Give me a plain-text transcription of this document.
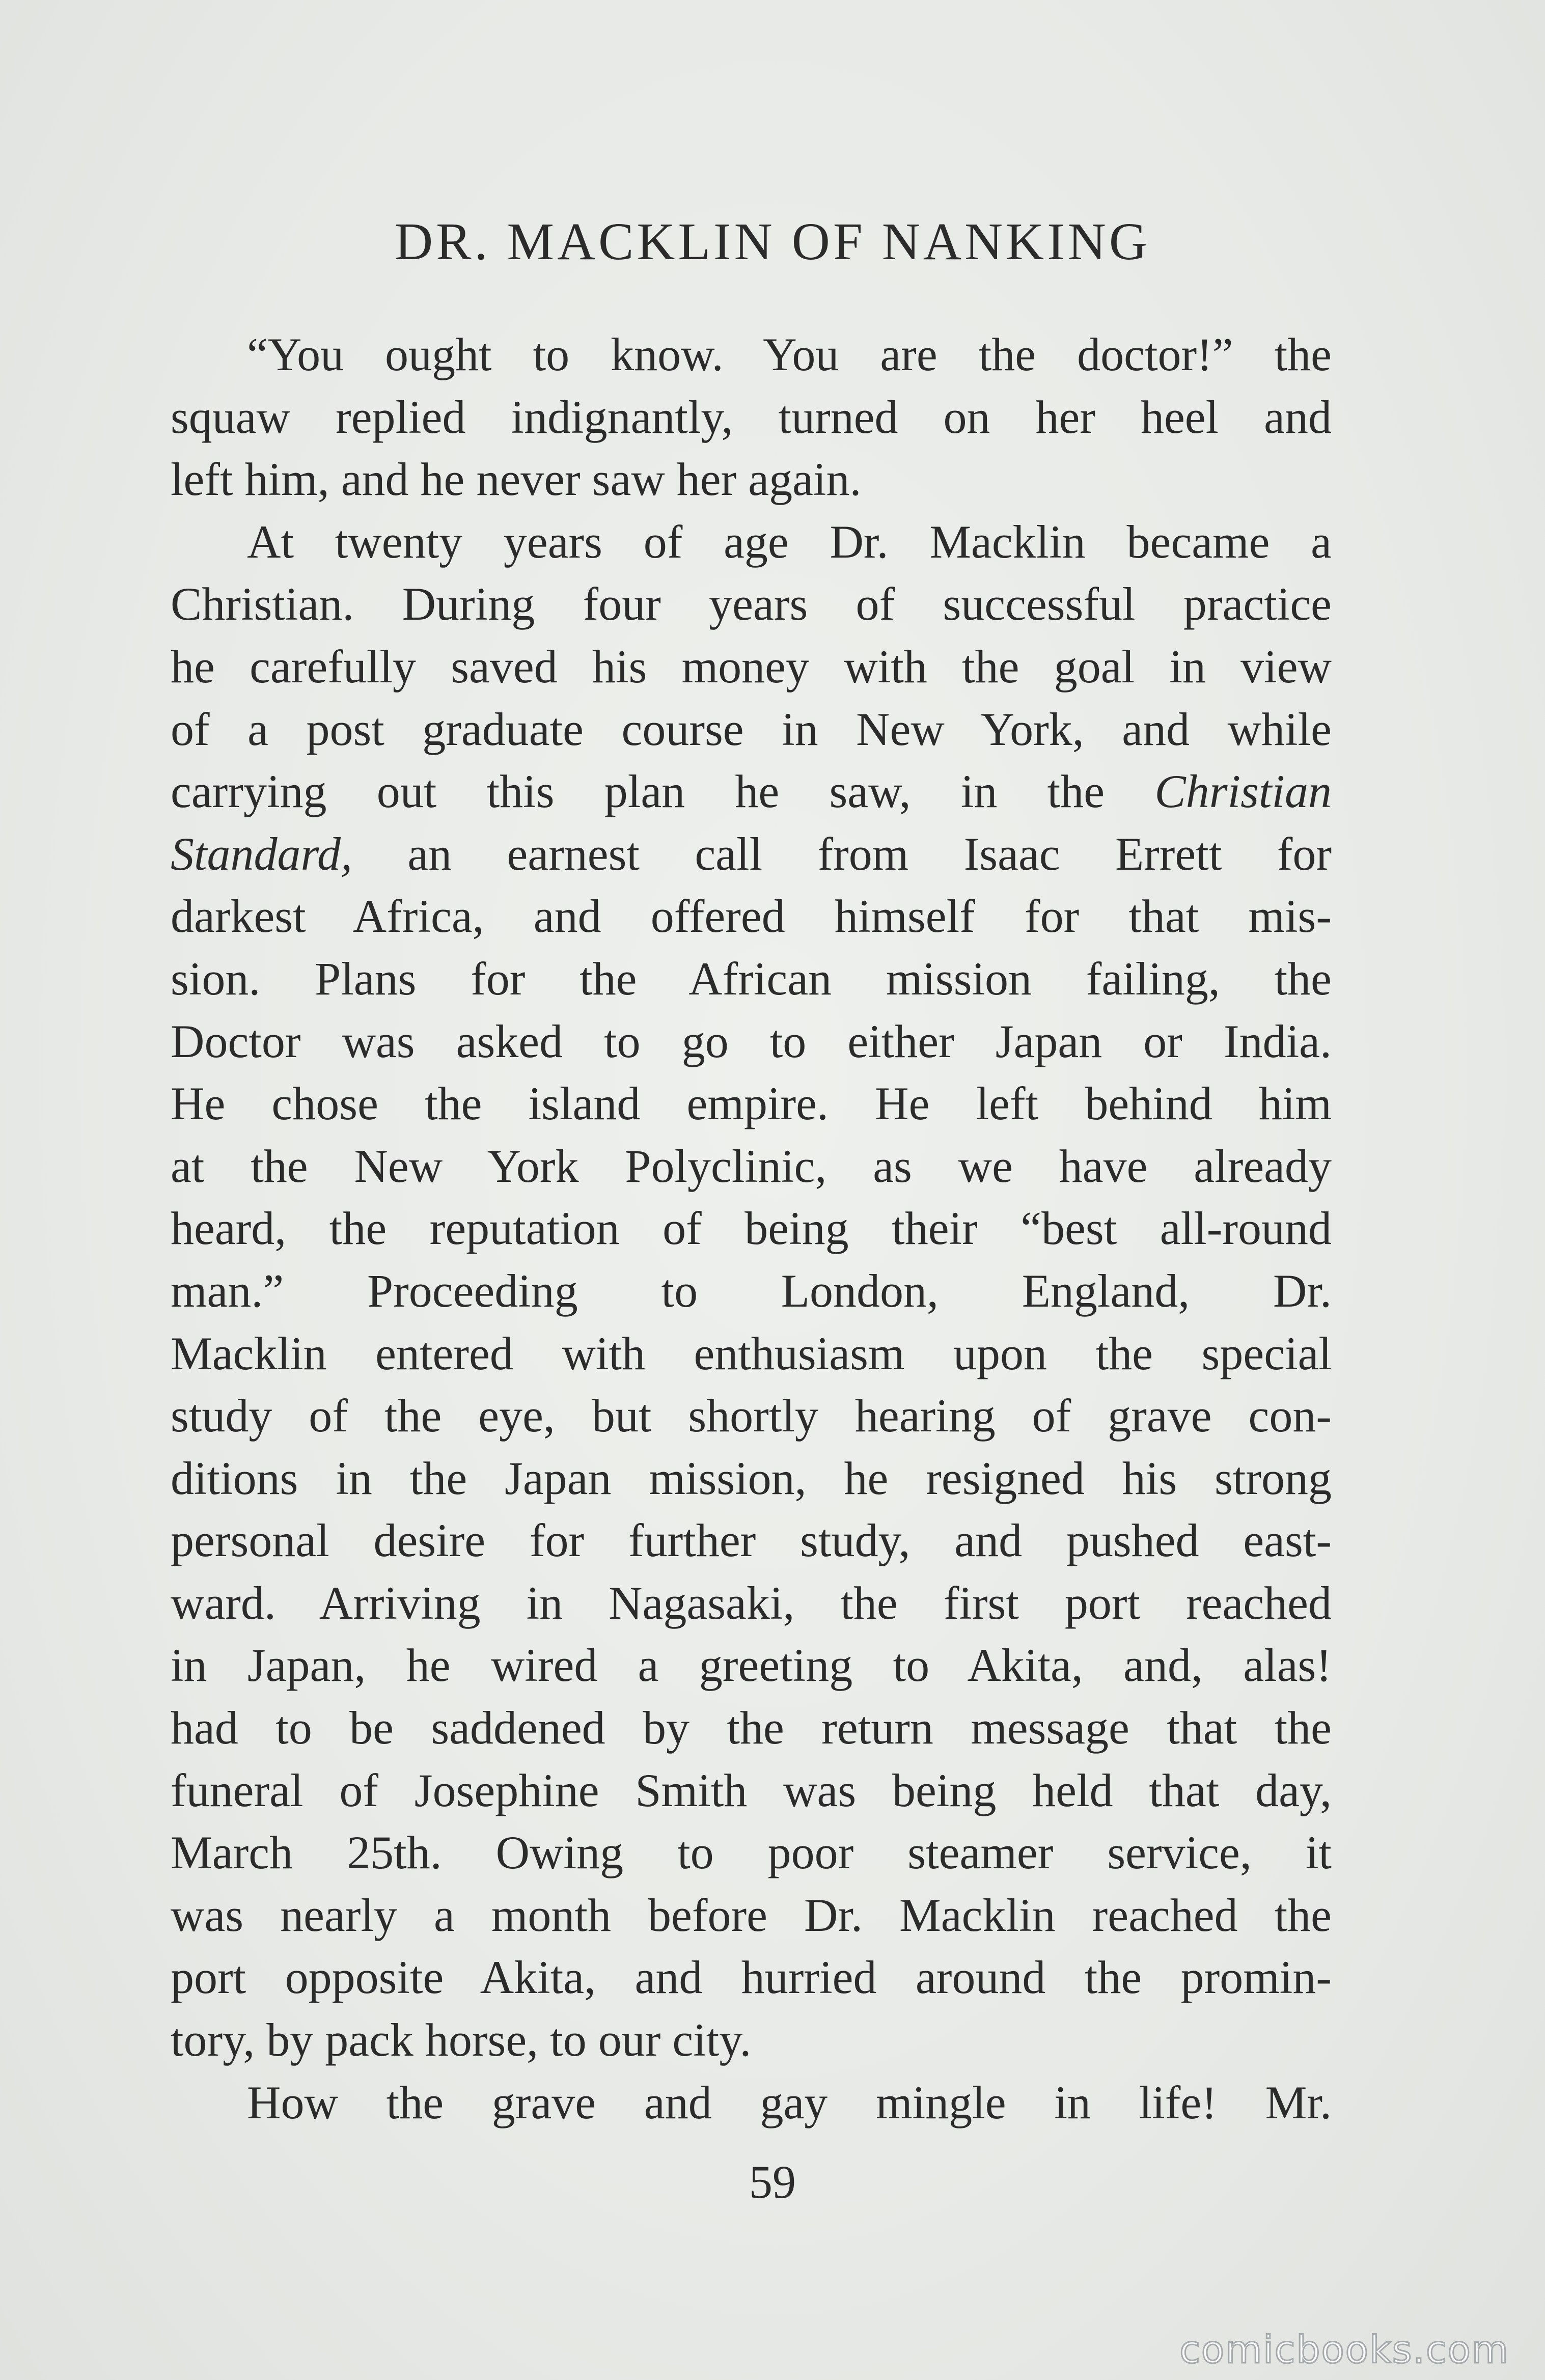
DR. MACKLIN OF NANKING
“You ought to know. You are the doctor!” the
squaw replied indignantly, turned on her heel and
left him, and he never saw her again.
At twenty years of age Dr. Macklin became a
Christian. During four years of successful practice
he carefully saved his money with the goal in view
of a post graduate course in New York, and while
carrying out this plan he saw, in the Christian
Standard, an earnest call from Isaac Errett for
darkest Africa, and offered himself for that mis-
sion. Plans for the African mission failing, the
Doctor was asked to go to either Japan or India.
He chose the island empire. He left behind him
at the New York Polyclinic, as we have already
heard, the reputation of being their “best all-round
man.” Proceeding to London, England, Dr.
Macklin entered with enthusiasm upon the special
study of the eye, but shortly hearing of grave con-
ditions in the Japan mission, he resigned his strong
personal desire for further study, and pushed east-
ward. Arriving in Nagasaki, the first port reached
in Japan, he wired a greeting to Akita, and, alas!
had to be saddened by the return message that the
funeral of Josephine Smith was being held that day,
March 25th. Owing to poor steamer service, it
was nearly a month before Dr. Macklin reached the
port opposite Akita, and hurried around the promin-
tory, by pack horse, to our city.
How the grave and gay mingle in life! Mr.
59
comicbooks.com
